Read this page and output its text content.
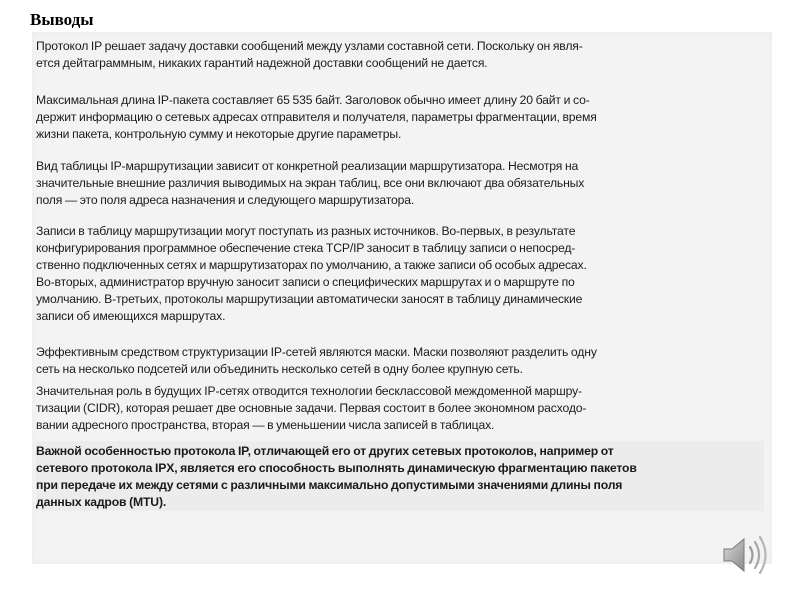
Выводы

Протокол IP решает задачу доставки сообщений между узлами составной сети. Поскольку он явля-
ется дейтаграммным, никаких гарантий надежной доставки сообщений не дается.

Максимальная длина IP-пакета составляет 65 535 байт. Заголовок обычно имеет длину 20 байт и со-
держит информацию о сетевых адресах отправителя и получателя, параметры фрагментации, время
жизни пакета, контрольную сумму и некоторые другие параметры.

Вид таблицы IP-маршрутизации зависит от конкретной реализации маршрутизатора. Несмотря на
значительные внешние различия выводимых на экран таблиц, все они включают два обязательных
поля — это поля адреса назначения и следующего маршрутизатора.

Записи в таблицу маршрутизации могут поступать из разных источников. Во-первых, в результате
конфигурирования программное обеспечение стека TCP/IP заносит в таблицу записи о непосред-
ственно подключенных сетях и маршрутизаторах по умолчанию, а также записи об особых адресах.
Во-вторых, администратор вручную заносит записи о специфических маршрутах и о маршруте по
умолчанию. В-третьих, протоколы маршрутизации автоматически заносят в таблицу динамические
записи об имеющихся маршрутах.

Эффективным средством структуризации IP-сетей являются маски. Маски позволяют разделить одну
сеть на несколько подсетей или объединить несколько сетей в одну более крупную сеть.

Значительная роль в будущих IP-сетях отводится технологии бесклассовой междоменной маршру-
тизации (CIDR), которая решает две основные задачи. Первая состоит в более экономном расходо-
вании адресного пространства, вторая — в уменьшении числа записей в таблицах.

Важной особенностью протокола IP, отличающей его от других сетевых протоколов, например от
сетевого протокола IPX, является его способность выполнять динамическую фрагментацию пакетов
при передаче их между сетями с различными максимально допустимыми значениями длины поля
данных кадров (MTU).
